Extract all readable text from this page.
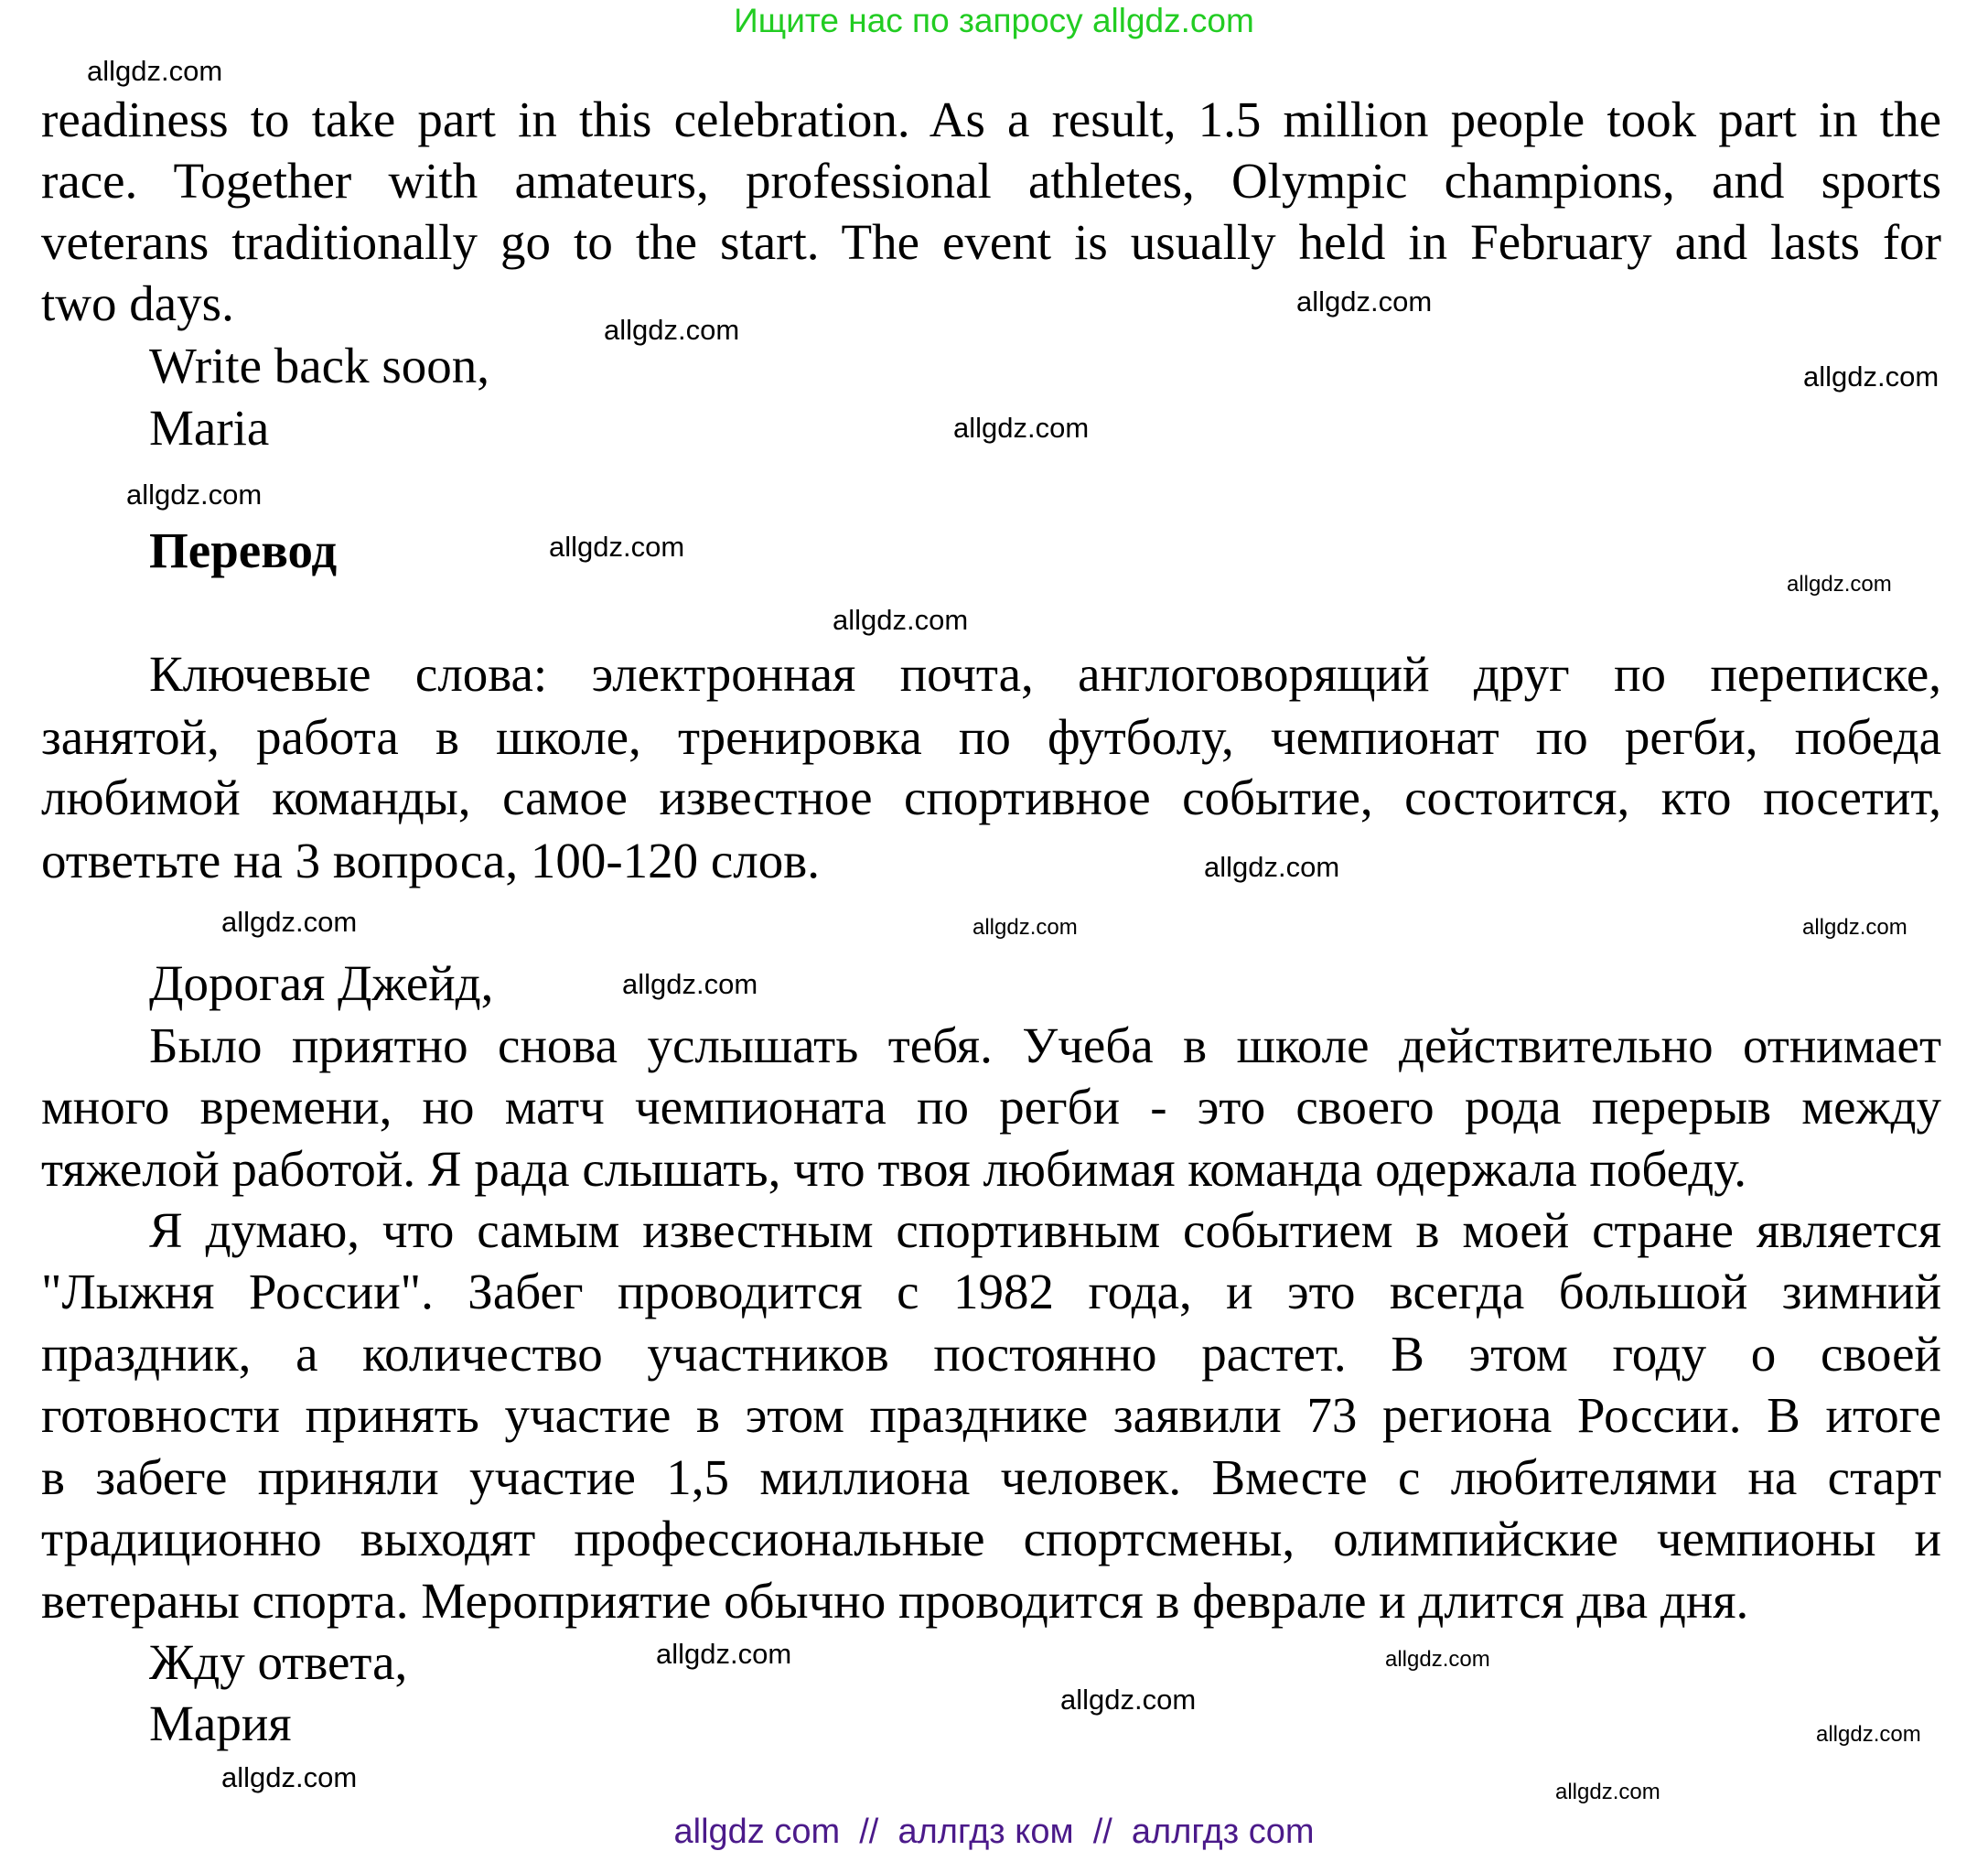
Ищите нас по запросу allgdz.com
readiness to take part in this celebration. As a result, 1.5 million people took part in the
race. Together with amateurs, professional athletes, Olympic champions, and sports
veterans traditionally go to the start. The event is usually held in February and lasts for
two days.
Write back soon,
Maria
Перевод
Ключевые слова: электронная почта, англоговорящий друг по переписке,
занятой, работа в школе, тренировка по футболу, чемпионат по регби, победа
любимой команды, самое известное спортивное событие, состоится, кто посетит,
ответьте на 3 вопроса, 100-120 слов.
Дорогая Джейд,
Было приятно снова услышать тебя. Учеба в школе действительно отнимает
много времени, но матч чемпионата по регби - это своего рода перерыв между
тяжелой работой. Я рада слышать, что твоя любимая команда одержала победу.
Я думаю, что самым известным спортивным событием в моей стране является
"Лыжня России". Забег проводится с 1982 года, и это всегда большой зимний
праздник, а количество участников постоянно растет. В этом году о своей
готовности принять участие в этом празднике заявили 73 региона России. В итоге
в забеге приняли участие 1,5 миллиона человек. Вместе с любителями на старт
традиционно выходят профессиональные спортсмены, олимпийские чемпионы и
ветераны спорта. Мероприятие обычно проводится в феврале и длится два дня.
Жду ответа,
Мария
allgdz.com
allgdz.com
allgdz.com
allgdz.com
allgdz.com
allgdz.com
allgdz.com
allgdz.com
allgdz.com
allgdz.com
allgdz.com
allgdz.com
allgdz.com	allgdz.com
allgdz.com
allgdz.com
allgdz.com
allgdz.com
allgdz.com
allgdz.com
allgdz com  //  аллгдз ком  //  аллгдз com
